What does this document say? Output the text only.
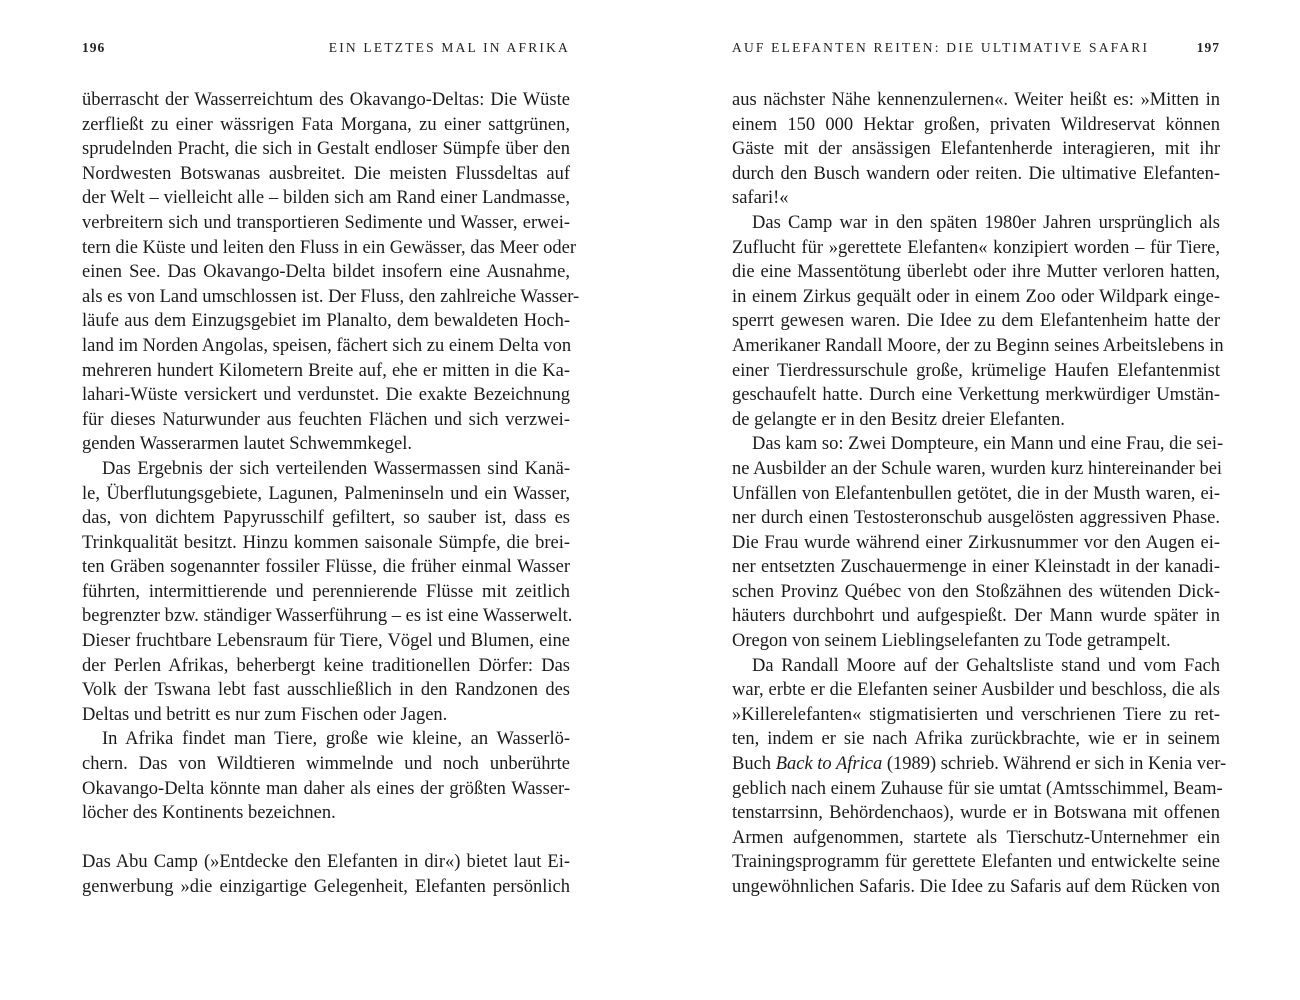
196	EIN LETZTES MAL IN AFRIKA
überrascht der Wasserreichtum des Okavango-Deltas: Die Wüste
zerfließt zu einer wässrigen Fata Morgana, zu einer sattgrünen,
sprudelnden Pracht, die sich in Gestalt endloser Sümpfe über den
Nordwesten Botswanas ausbreitet. Die meisten Flussdeltas auf
der Welt – vielleicht alle – bilden sich am Rand einer Landmasse,
verbreitern sich und transportieren Sedimente und Wasser, erwei-
tern die Küste und leiten den Fluss in ein Gewässer, das Meer oder
einen See. Das Okavango-Delta bildet insofern eine Ausnahme,
als es von Land umschlossen ist. Der Fluss, den zahlreiche Wasser-
läufe aus dem Einzugsgebiet im Planalto, dem bewaldeten Hoch-
land im Norden Angolas, speisen, fächert sich zu einem Delta von
mehreren hundert Kilometern Breite auf, ehe er mitten in die Ka-
lahari-Wüste versickert und verdunstet. Die exakte Bezeichnung
für dieses Naturwunder aus feuchten Flächen und sich verzwei-
genden Wasserarmen lautet Schwemmkegel.
Das Ergebnis der sich verteilenden Wassermassen sind Kanä-
le, Überflutungsgebiete, Lagunen, Palmeninseln und ein Wasser,
das, von dichtem Papyrusschilf gefiltert, so sauber ist, dass es
Trinkqualität besitzt. Hinzu kommen saisonale Sümpfe, die brei-
ten Gräben sogenannter fossiler Flüsse, die früher einmal Wasser
führten, intermittierende und perennierende Flüsse mit zeitlich
begrenzter bzw. ständiger Wasserführung – es ist eine Wasserwelt.
Dieser fruchtbare Lebensraum für Tiere, Vögel und Blumen, eine
der Perlen Afrikas, beherbergt keine traditionellen Dörfer: Das
Volk der Tswana lebt fast ausschließlich in den Randzonen des
Deltas und betritt es nur zum Fischen oder Jagen.
In Afrika findet man Tiere, große wie kleine, an Wasserlö-
chern. Das von Wildtieren wimmelnde und noch unberührte
Okavango-Delta könnte man daher als eines der größten Wasser-
löcher des Kontinents bezeichnen.
Das Abu Camp (»Entdecke den Elefanten in dir«) bietet laut Ei-
genwerbung »die einzigartige Gelegenheit, Elefanten persönlich
AUF ELEFANTEN REITEN: DIE ULTIMATIVE SAFARI	197
aus nächster Nähe kennenzulernen«. Weiter heißt es: »Mitten in
einem 150 000 Hektar großen, privaten Wildreservat können
Gäste mit der ansässigen Elefantenherde interagieren, mit ihr
durch den Busch wandern oder reiten. Die ultimative Elefanten-
safari!«
Das Camp war in den späten 1980er Jahren ursprünglich als
Zuflucht für »gerettete Elefanten« konzipiert worden – für Tiere,
die eine Massentötung überlebt oder ihre Mutter verloren hatten,
in einem Zirkus gequält oder in einem Zoo oder Wildpark einge-
sperrt gewesen waren. Die Idee zu dem Elefantenheim hatte der
Amerikaner Randall Moore, der zu Beginn seines Arbeitslebens in
einer Tierdressurschule große, krümelige Haufen Elefantenmist
geschaufelt hatte. Durch eine Verkettung merkwürdiger Umstän-
de gelangte er in den Besitz dreier Elefanten.
Das kam so: Zwei Dompteure, ein Mann und eine Frau, die sei-
ne Ausbilder an der Schule waren, wurden kurz hintereinander bei
Unfällen von Elefantenbullen getötet, die in der Musth waren, ei-
ner durch einen Testosteronschub ausgelösten aggressiven Phase.
Die Frau wurde während einer Zirkusnummer vor den Augen ei-
ner entsetzten Zuschauermenge in einer Kleinstadt in der kanadi-
schen Provinz Québec von den Stoßzähnen des wütenden Dick-
häuters durchbohrt und aufgespießt. Der Mann wurde später in
Oregon von seinem Lieblingselefanten zu Tode getrampelt.
Da Randall Moore auf der Gehaltsliste stand und vom Fach
war, erbte er die Elefanten seiner Ausbilder und beschloss, die als
»Killerelefanten« stigmatisierten und verschrienen Tiere zu ret-
ten, indem er sie nach Afrika zurückbrachte, wie er in seinem
Buch Back to Africa (1989) schrieb. Während er sich in Kenia ver-
geblich nach einem Zuhause für sie umtat (Amtsschimmel, Beam-
tenstarrsinn, Behördenchaos), wurde er in Botswana mit offenen
Armen aufgenommen, startete als Tierschutz-Unternehmer ein
Trainingsprogramm für gerettete Elefanten und entwickelte seine
ungewöhnlichen Safaris. Die Idee zu Safaris auf dem Rücken von
